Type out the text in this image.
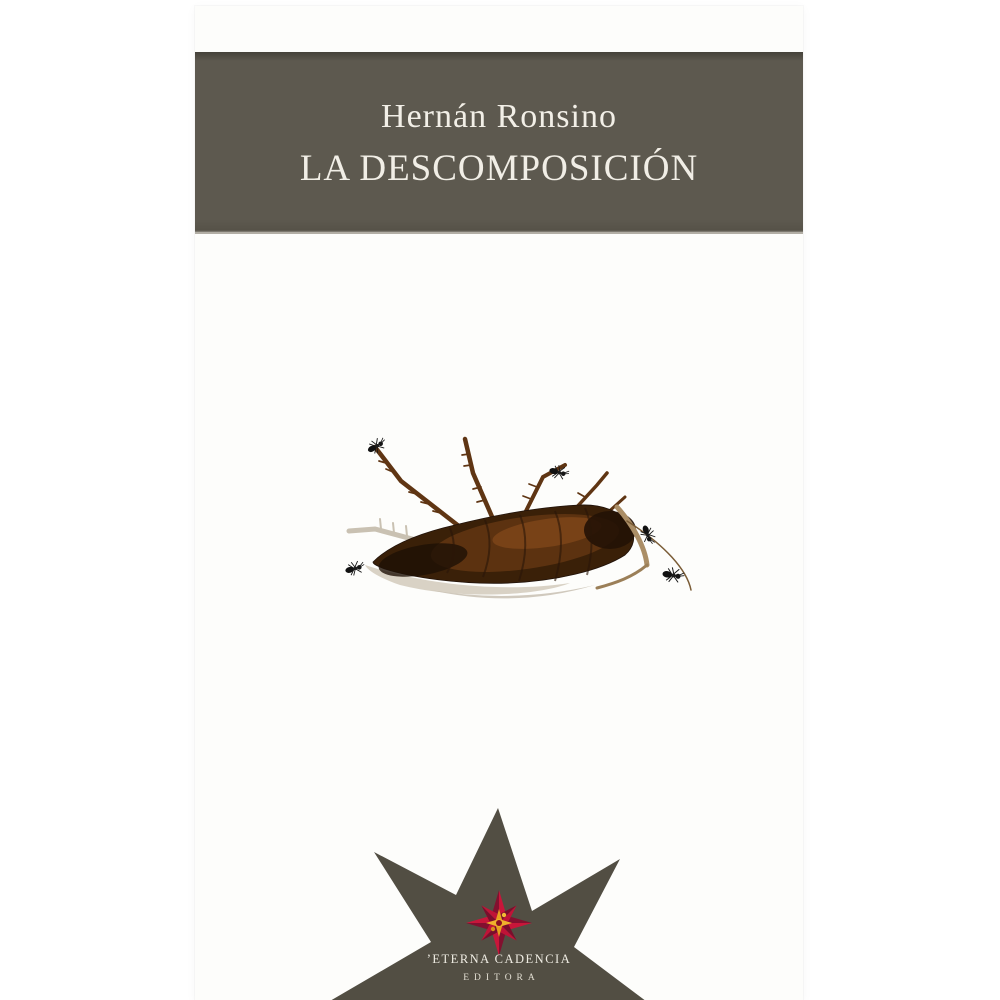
Hernán Ronsino
LA DESCOMPOSICIÓN
’ETERNA CADENCIA
EDITORA
